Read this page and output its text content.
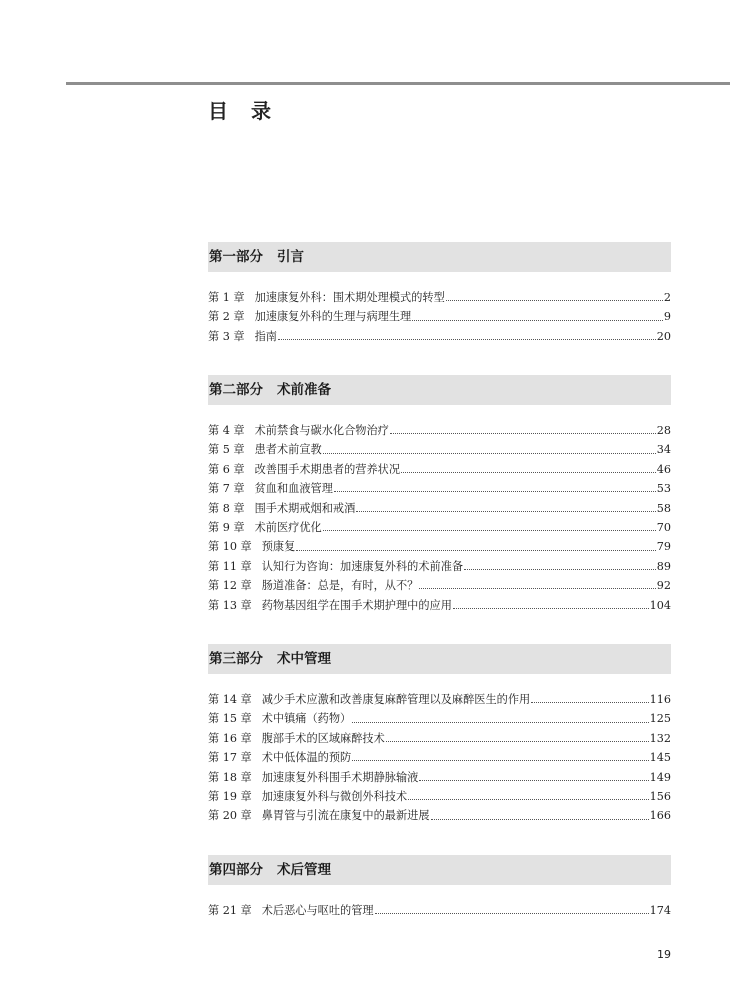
目 录
第一部分 引言
第 1 章 加速康复外科：围术期处理模式的转型	2
第 2 章 加速康复外科的生理与病理生理	9
第 3 章 指南	20
第二部分 术前准备
第 4 章 术前禁食与碳水化合物治疗	28
第 5 章 患者术前宣教	34
第 6 章 改善围手术期患者的营养状况	46
第 7 章 贫血和血液管理	53
第 8 章 围手术期戒烟和戒酒	58
第 9 章 术前医疗优化	70
第 10 章 预康复	79
第 11 章 认知行为咨询：加速康复外科的术前准备	89
第 12 章 肠道准备：总是，有时，从不？	92
第 13 章 药物基因组学在围手术期护理中的应用	104
第三部分 术中管理
第 14 章 减少手术应激和改善康复麻醉管理以及麻醉医生的作用	116
第 15 章 术中镇痛（药物）	125
第 16 章 腹部手术的区域麻醉技术	132
第 17 章 术中低体温的预防	145
第 18 章 加速康复外科围手术期静脉输液	149
第 19 章 加速康复外科与微创外科技术	156
第 20 章 鼻胃管与引流在康复中的最新进展	166
第四部分 术后管理
第 21 章 术后恶心与呕吐的管理	174
19
